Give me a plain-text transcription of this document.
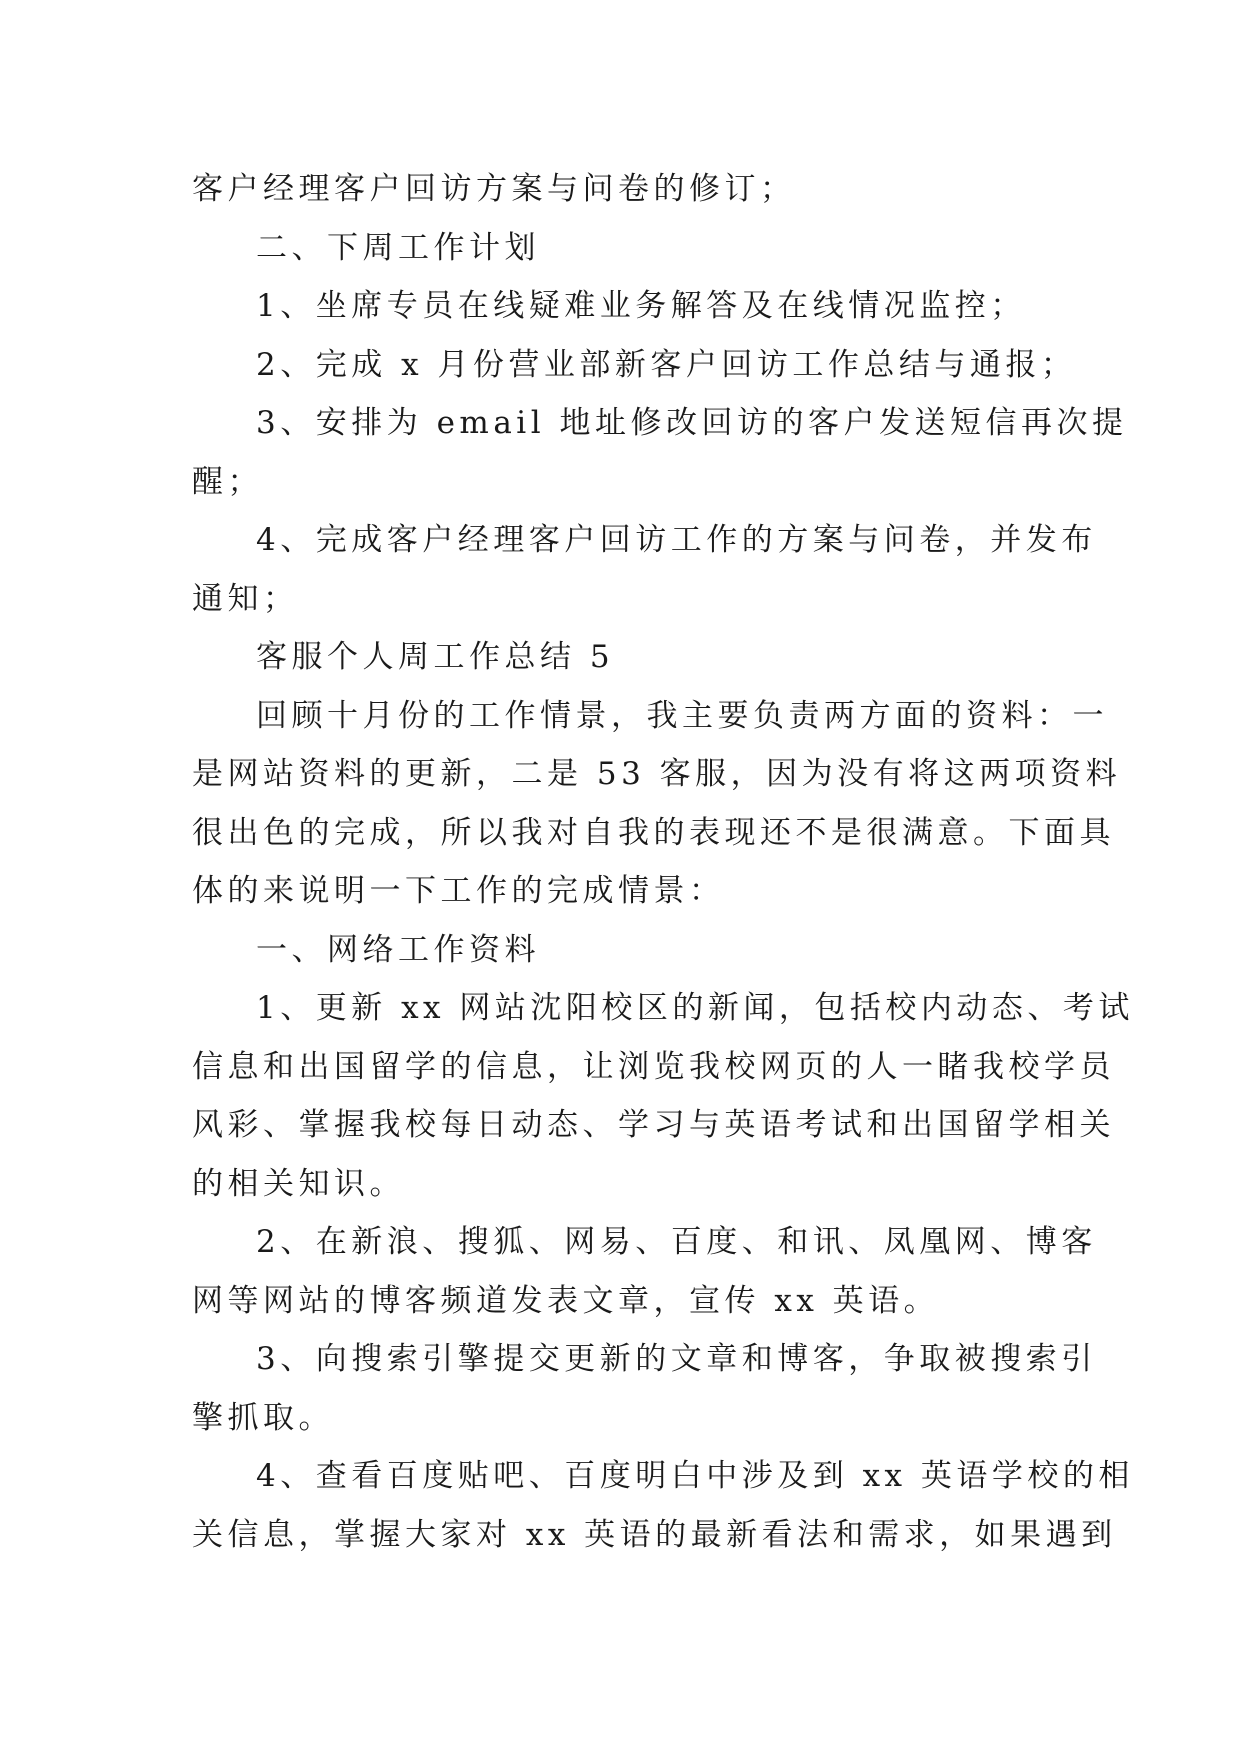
客户经理客户回访方案与问卷的修订；

二、下周工作计划

1、坐席专员在线疑难业务解答及在线情况监控；

2、完成 x 月份营业部新客户回访工作总结与通报；

3、安排为 email 地址修改回访的客户发送短信再次提

醒；

4、完成客户经理客户回访工作的方案与问卷，并发布

通知；

客服个人周工作总结 5

回顾十月份的工作情景，我主要负责两方面的资料：一

是网站资料的更新，二是 53 客服，因为没有将这两项资料

很出色的完成，所以我对自我的表现还不是很满意。下面具

体的来说明一下工作的完成情景：

一、网络工作资料

1、更新 xx 网站沈阳校区的新闻，包括校内动态、考试

信息和出国留学的信息，让浏览我校网页的人一睹我校学员

风彩、掌握我校每日动态、学习与英语考试和出国留学相关

的相关知识。

2、在新浪、搜狐、网易、百度、和讯、凤凰网、博客

网等网站的博客频道发表文章，宣传 xx 英语。

3、向搜索引擎提交更新的文章和博客，争取被搜索引

擎抓取。

4、查看百度贴吧、百度明白中涉及到 xx 英语学校的相

关信息，掌握大家对 xx 英语的最新看法和需求，如果遇到
